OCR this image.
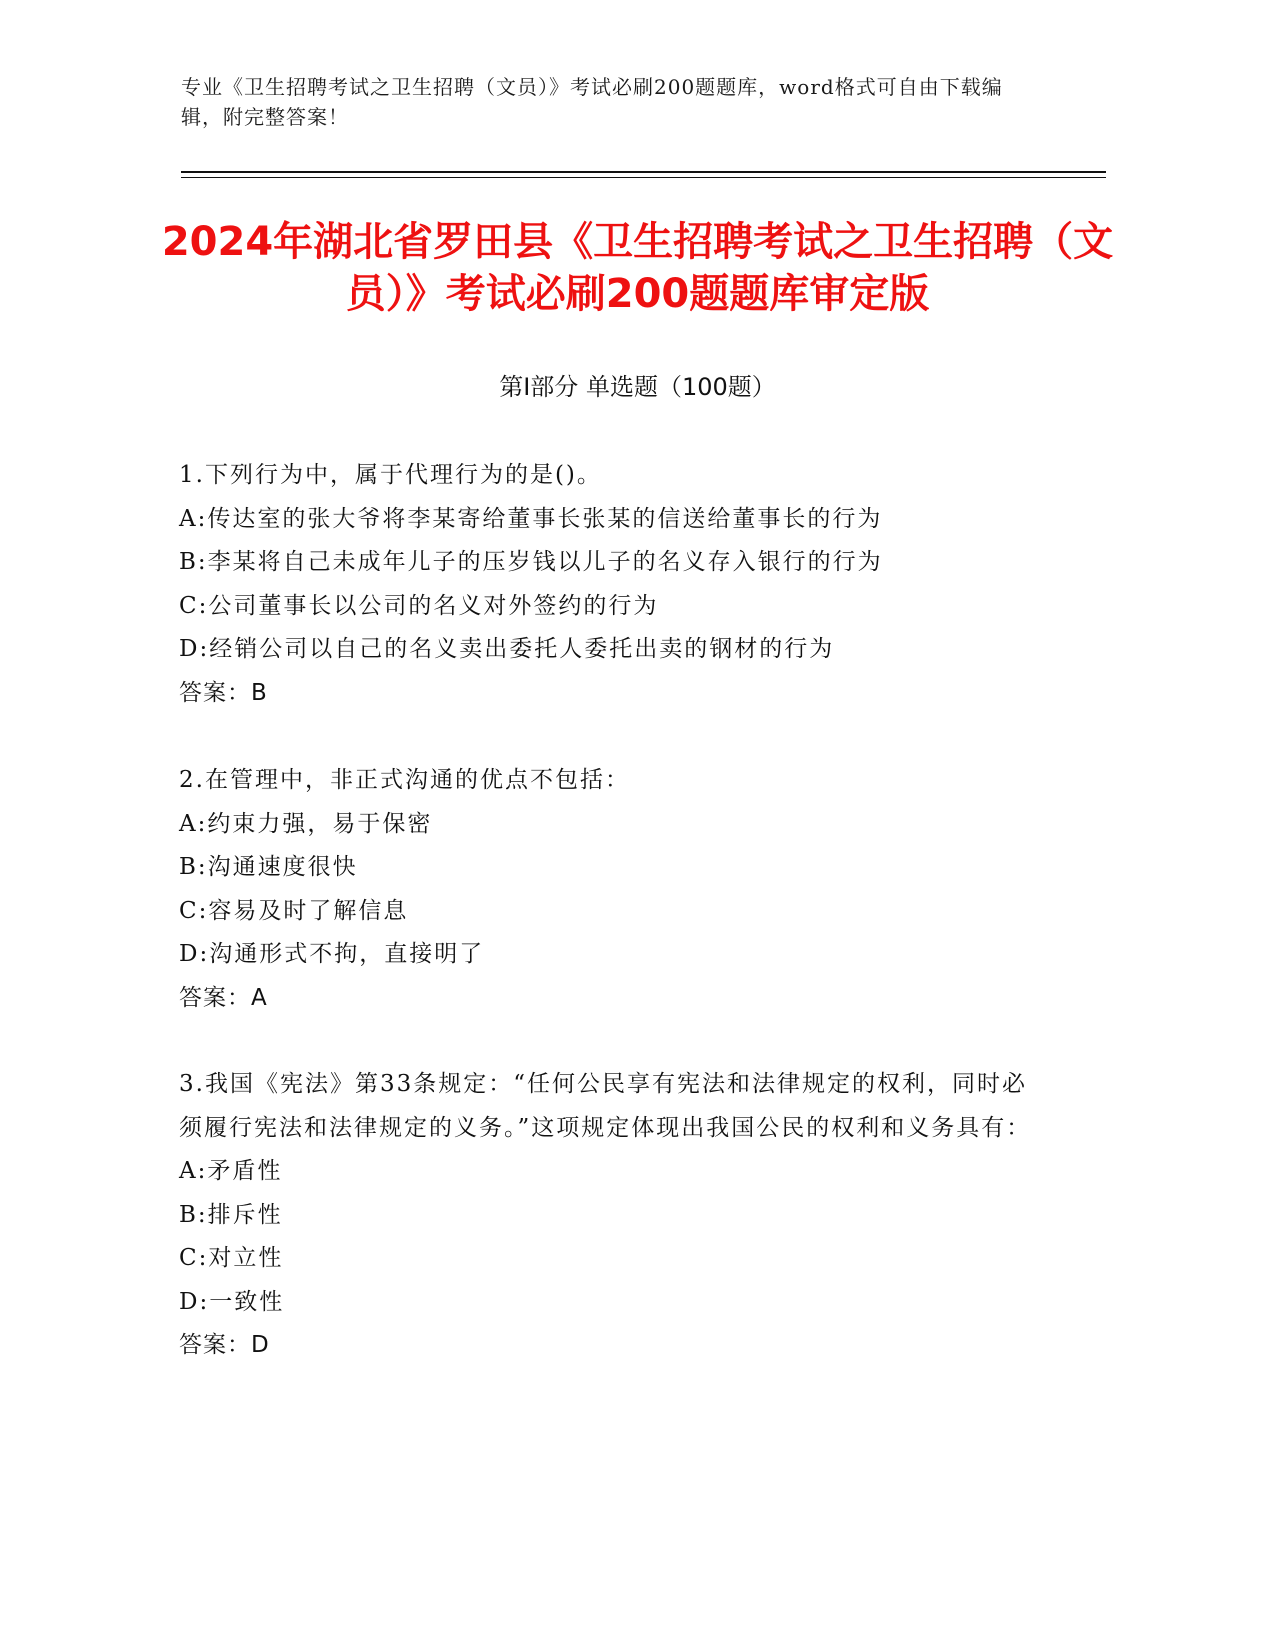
专业《卫生招聘考试之卫生招聘（文员）》考试必刷200题题库，word格式可自由下载编辑，附完整答案！
2024年湖北省罗田县《卫生招聘考试之卫生招聘（文员）》考试必刷200题题库审定版
第I部分 单选题（100题）
1.下列行为中，属于代理行为的是()。
A:传达室的张大爷将李某寄给董事长张某的信送给董事长的行为
B:李某将自己未成年儿子的压岁钱以儿子的名义存入银行的行为
C:公司董事长以公司的名义对外签约的行为
D:经销公司以自己的名义卖出委托人委托出卖的钢材的行为
答案：B
2.在管理中，非正式沟通的优点不包括：
A:约束力强，易于保密
B:沟通速度很快
C:容易及时了解信息
D:沟通形式不拘，直接明了
答案：A
3.我国《宪法》第33条规定：“任何公民享有宪法和法律规定的权利，同时必须履行宪法和法律规定的义务。”这项规定体现出我国公民的权利和义务具有：
A:矛盾性
B:排斥性
C:对立性
D:一致性
答案：D
